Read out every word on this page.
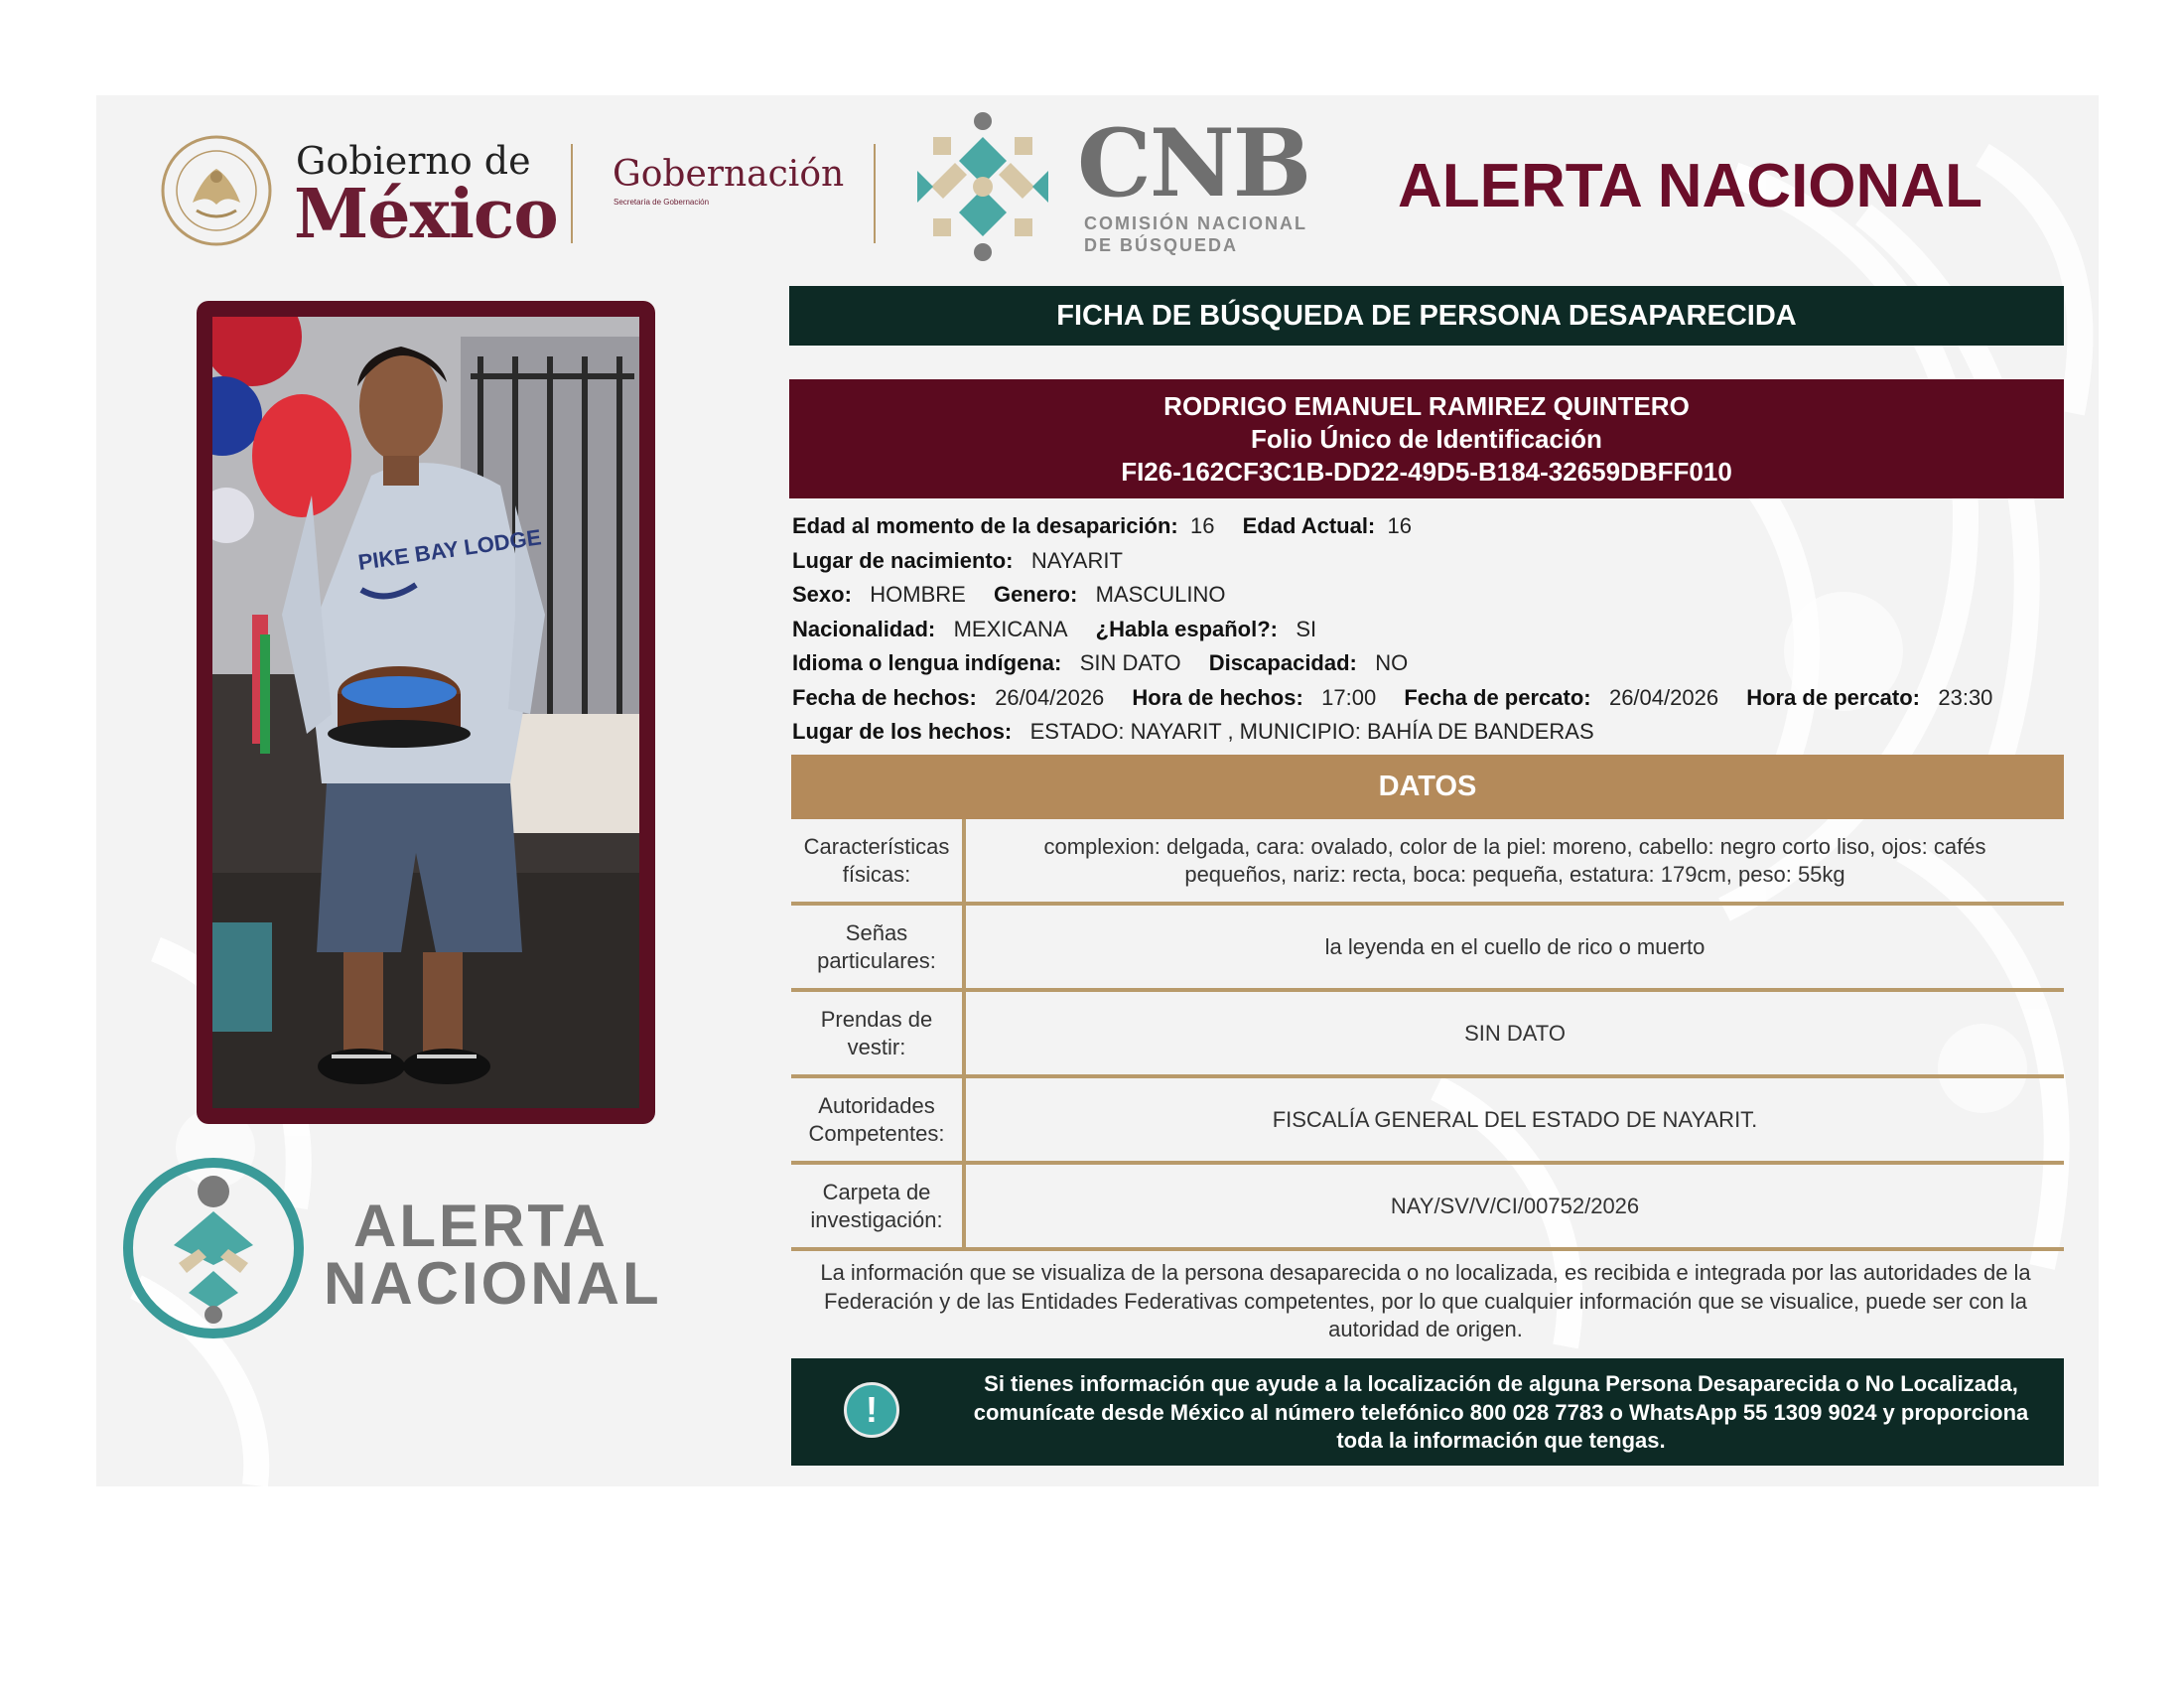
Gobierno de
México
Gobernación
Secretaría de Gobernación	CNB
COMISIÓN NACIONAL
DE BÚSQUEDA
ALERTA NACIONAL
PIKE BAY LODGE
ALERTA
NACIONAL
FICHA DE BÚSQUEDA DE PERSONA DESAPARECIDA
RODRIGO EMANUEL RAMIREZ QUINTERO
Folio Único de Identificación
FI26-162CF3C1B-DD22-49D5-B184-32659DBFF010
Edad al momento de la desaparición: 16 Edad Actual: 16
Lugar de nacimiento: NAYARIT
Sexo: HOMBRE Genero: MASCULINO
Nacionalidad: MEXICANA ¿Habla español?: SI
Idioma o lengua indígena: SIN DATO Discapacidad: NO
Fecha de hechos: 26/04/2026 Hora de hechos: 17:00 Fecha de percato: 26/04/2026 Hora de percato: 23:30
Lugar de los hechos: ESTADO: NAYARIT , MUNICIPIO: BAHÍA DE BANDERAS
DATOS
Características
físicas:	complexion: delgada, cara: ovalado, color de la piel: moreno, cabello: negro corto liso, ojos: cafés pequeños, nariz: recta, boca: pequeña, estatura: 179cm, peso: 55kg
Señas
particulares:	la leyenda en el cuello de rico o muerto
Prendas de
vestir:	SIN DATO
Autoridades
Competentes:	FISCALÍA GENERAL DEL ESTADO DE NAYARIT.
Carpeta de
investigación:	NAY/SV/V/CI/00752/2026
La información que se visualiza de la persona desaparecida o no localizada, es recibida e integrada por las autoridades de la Federación y de las Entidades Federativas competentes, por lo que cualquier información que se visualice, puede ser con la autoridad de origen.
!
Si tienes información que ayude a la localización de alguna Persona Desaparecida o No Localizada, comunícate desde México al número telefónico 800 028 7783 o WhatsApp 55 1309 9024 y proporciona toda la información que tengas.
